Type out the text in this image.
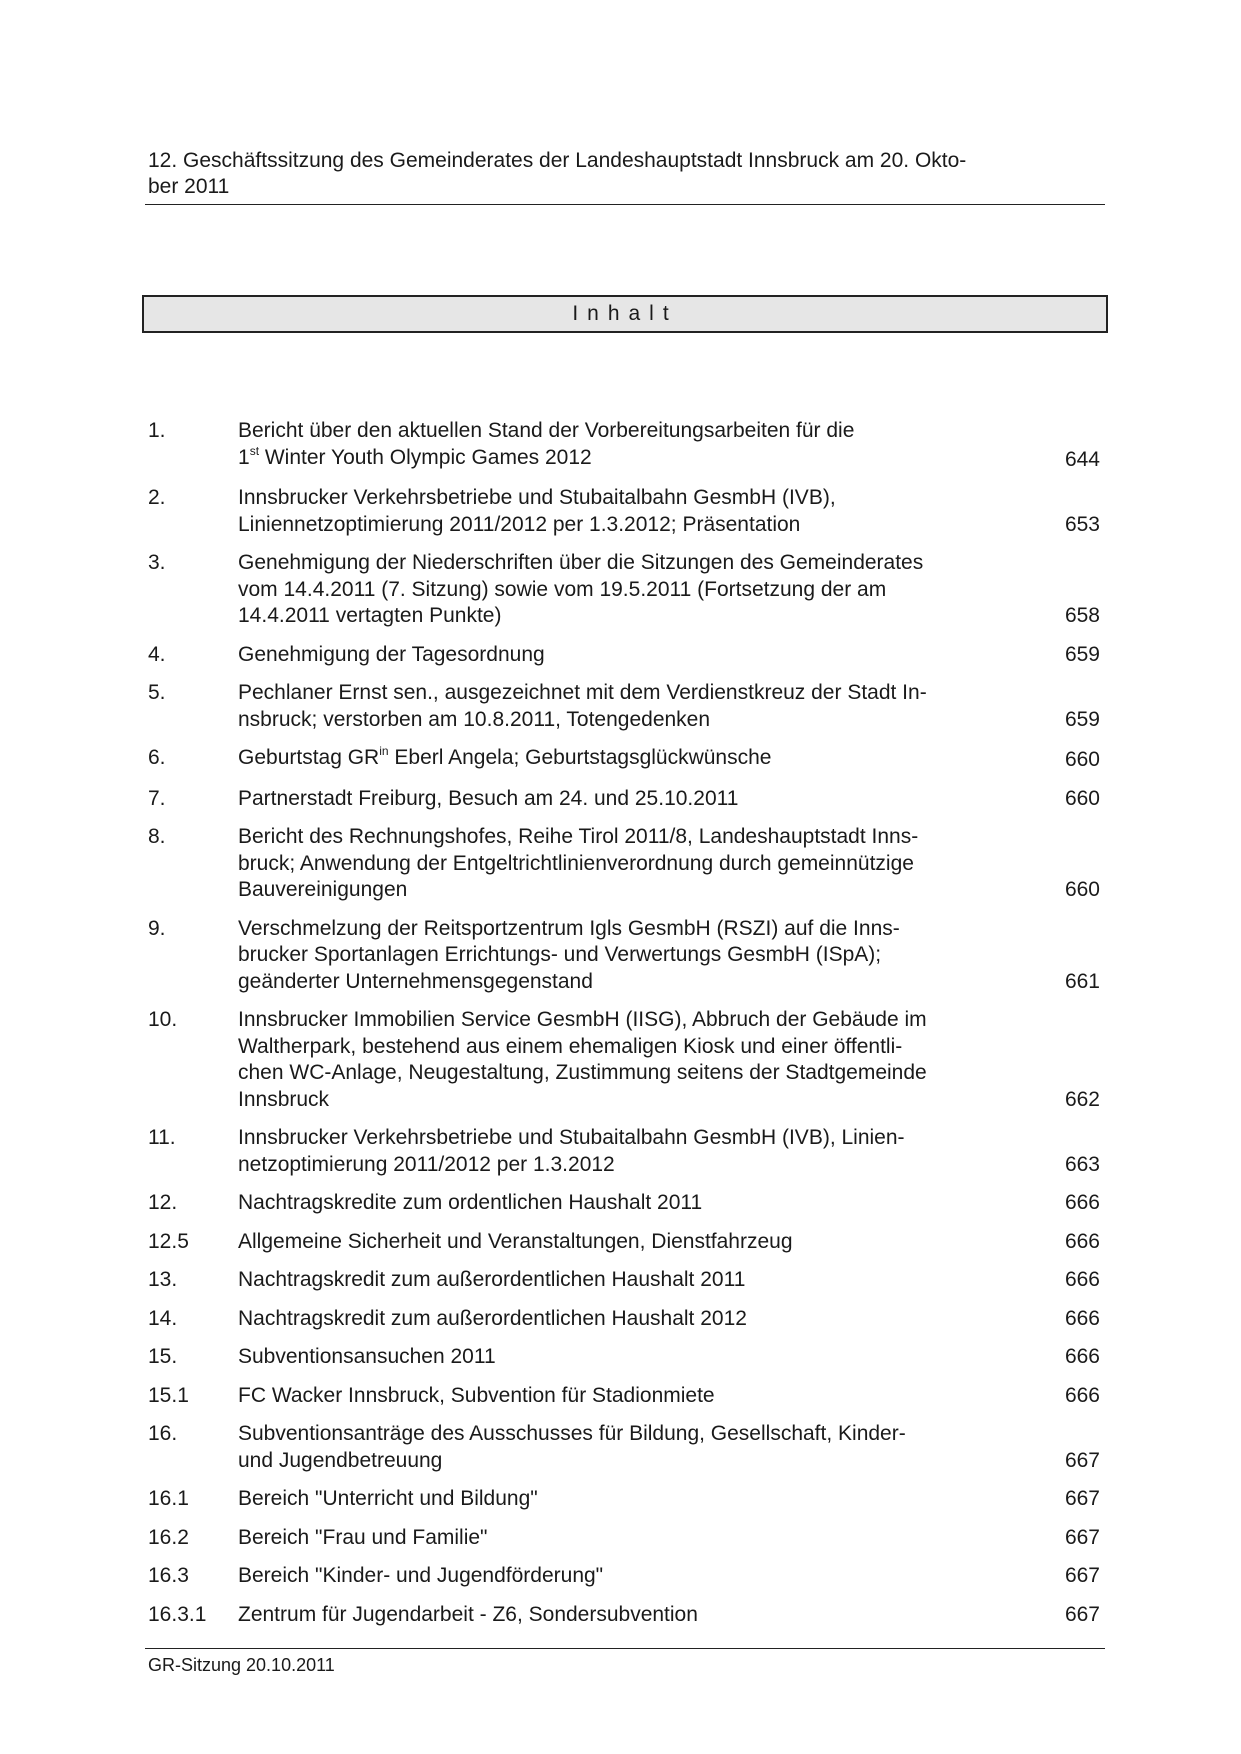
12. Geschäftssitzung des Gemeinderates der Landeshauptstadt Innsbruck am 20. Okto-
ber 2011
Inhalt
1.	Bericht über den aktuellen Stand der Vorbereitungsarbeiten für die
1st Winter Youth Olympic Games 2012	644
2.	Innsbrucker Verkehrsbetriebe und Stubaitalbahn GesmbH (IVB),
Liniennetzoptimierung 2011/2012 per 1.3.2012; Präsentation	653
3.	Genehmigung der Niederschriften über die Sitzungen des Gemeinderates
vom 14.4.2011 (7. Sitzung) sowie vom 19.5.2011 (Fortsetzung der am
14.4.2011 vertagten Punkte)	658
4.	Genehmigung der Tagesordnung	659
5.	Pechlaner Ernst sen., ausgezeichnet mit dem Verdienstkreuz der Stadt In-
nsbruck; verstorben am 10.8.2011, Totengedenken	659
6.	Geburtstag $GR^{in}$ Eberl Angela; Geburtstagsglückwünsche	660
7.	Partnerstadt Freiburg, Besuch am 24. und 25.10.2011	660
8.	Bericht des Rechnungshofes, Reihe Tirol 2011/8, Landeshauptstadt Inns-
bruck; Anwendung der Entgeltrichtlinienverordnung durch gemeinnützige
Bauvereinigungen	660
9.	Verschmelzung der Reitsportzentrum Igls GesmbH (RSZI) auf die Inns-
brucker Sportanlagen Errichtungs- und Verwertungs GesmbH (ISpA);
geänderter Unternehmensgegenstand	661
10.	Innsbrucker Immobilien Service GesmbH (IISG), Abbruch der Gebäude im
Waltherpark, bestehend aus einem ehemaligen Kiosk und einer öffentli-
chen WC-Anlage, Neugestaltung, Zustimmung seitens der Stadtgemeinde
Innsbruck	662
11.	Innsbrucker Verkehrsbetriebe und Stubaitalbahn GesmbH (IVB), Linien-
netzoptimierung 2011/2012 per 1.3.2012	663
12.	Nachtragskredite zum ordentlichen Haushalt 2011	666
12.5	Allgemeine Sicherheit und Veranstaltungen, Dienstfahrzeug	666
13.	Nachtragskredit zum außerordentlichen Haushalt 2011	666
14.	Nachtragskredit zum außerordentlichen Haushalt 2012	666
15.	Subventionsansuchen 2011	666
15.1	FC Wacker Innsbruck, Subvention für Stadionmiete	666
16.	Subventionsanträge des Ausschusses für Bildung, Gesellschaft, Kinder-
und Jugendbetreuung	667
16.1	Bereich "Unterricht und Bildung"	667
16.2	Bereich "Frau und Familie"	667
16.3	Bereich "Kinder- und Jugendförderung"	667
16.3.1	Zentrum für Jugendarbeit - Z6, Sondersubvention	667
GR-Sitzung 20.10.2011
